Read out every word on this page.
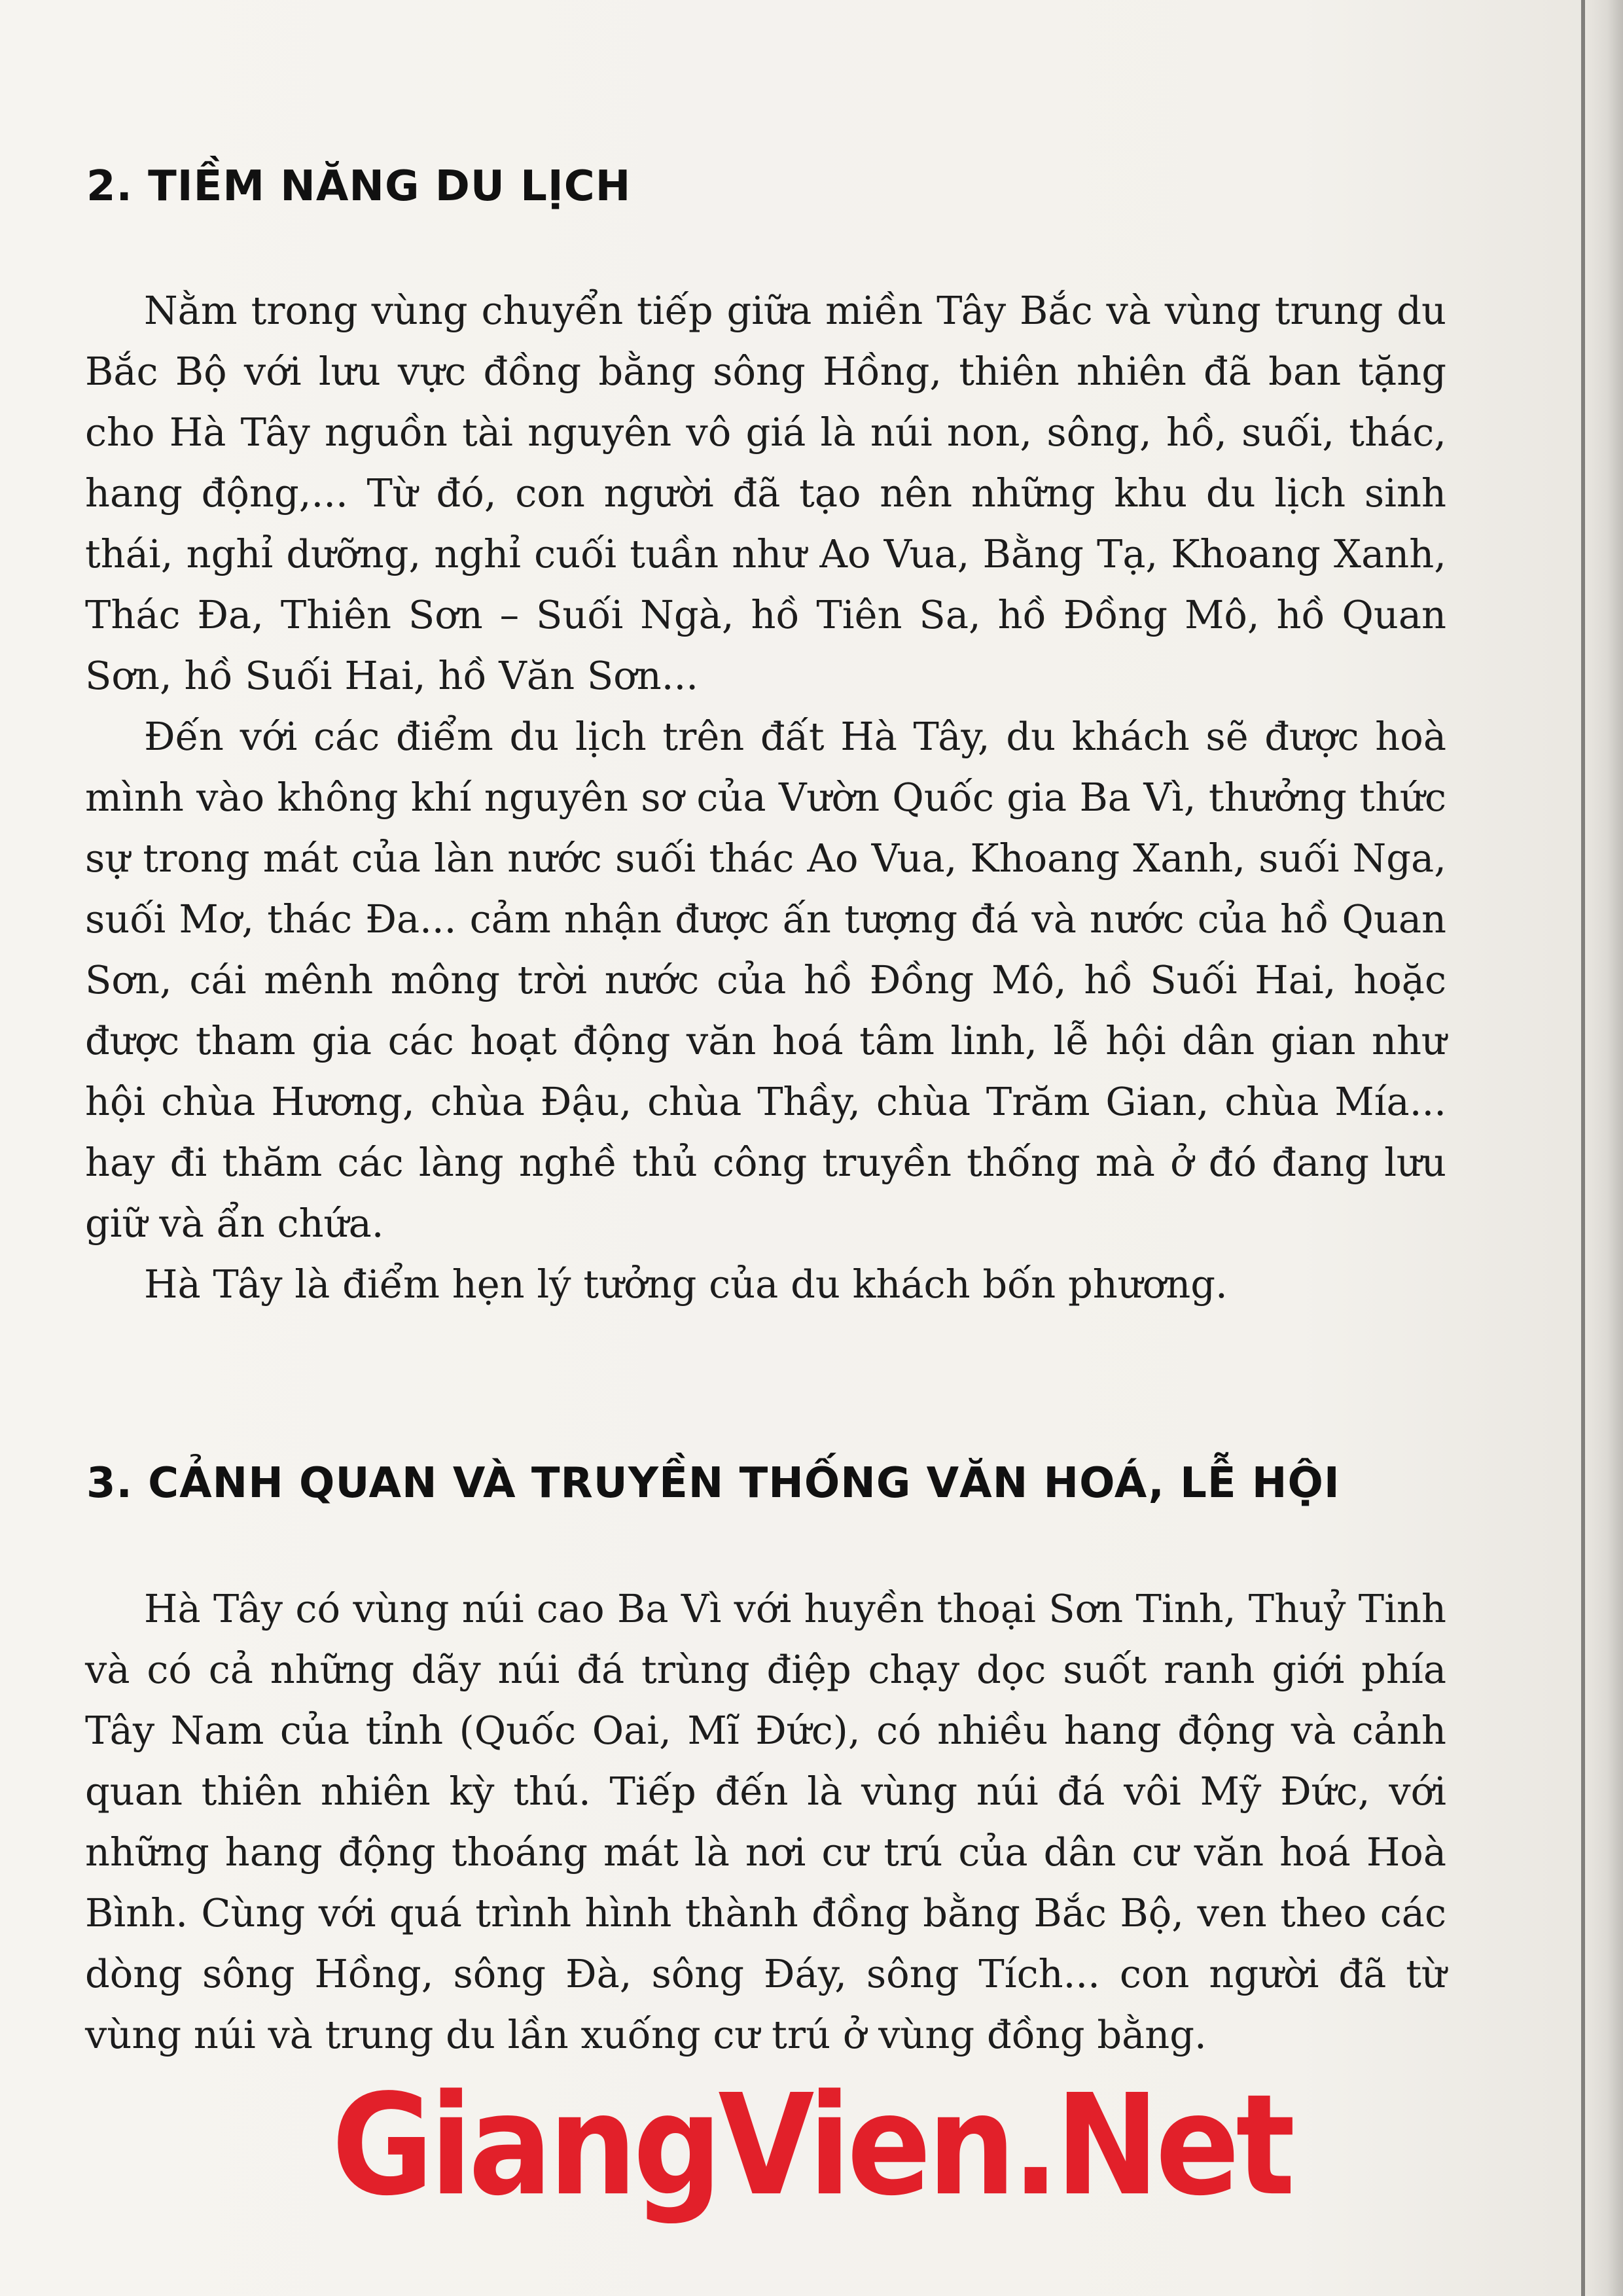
2. TIỀM NĂNG DU LỊCH

Nằm trong vùng chuyển tiếp giữa miền Tây Bắc và vùng trung du Bắc Bộ với lưu vực đồng bằng sông Hồng, thiên nhiên đã ban tặng cho Hà Tây nguồn tài nguyên vô giá là núi non, sông, hồ, suối, thác, hang động,... Từ đó, con người đã tạo nên những khu du lịch sinh thái, nghỉ dưỡng, nghỉ cuối tuần như Ao Vua, Bằng Tạ, Khoang Xanh, Thác Đa, Thiên Sơn – Suối Ngà, hồ Tiên Sa, hồ Đồng Mô, hồ Quan Sơn, hồ Suối Hai, hồ Văn Sơn...

Đến với các điểm du lịch trên đất Hà Tây, du khách sẽ được hoà mình vào không khí nguyên sơ của Vườn Quốc gia Ba Vì, thưởng thức sự trong mát của làn nước suối thác Ao Vua, Khoang Xanh, suối Nga, suối Mơ, thác Đa... cảm nhận được ấn tượng đá và nước của hồ Quan Sơn, cái mênh mông trời nước của hồ Đồng Mô, hồ Suối Hai, hoặc được tham gia các hoạt động văn hoá tâm linh, lễ hội dân gian như hội chùa Hương, chùa Đậu, chùa Thầy, chùa Trăm Gian, chùa Mía... hay đi thăm các làng nghề thủ công truyền thống mà ở đó đang lưu giữ và ẩn chứa.

Hà Tây là điểm hẹn lý tưởng của du khách bốn phương.

3. CẢNH QUAN VÀ TRUYỀN THỐNG VĂN HOÁ, LỄ HỘI

Hà Tây có vùng núi cao Ba Vì với huyền thoại Sơn Tinh, Thuỷ Tinh và có cả những dãy núi đá trùng điệp chạy dọc suốt ranh giới phía Tây Nam của tỉnh (Quốc Oai, Mĩ Đức), có nhiều hang động và cảnh quan thiên nhiên kỳ thú. Tiếp đến là vùng núi đá vôi Mỹ Đức, với những hang động thoáng mát là nơi cư trú của dân cư văn hoá Hoà Bình. Cùng với quá trình hình thành đồng bằng Bắc Bộ, ven theo các dòng sông Hồng, sông Đà, sông Đáy, sông Tích... con người đã từ vùng núi và trung du lần xuống cư trú ở vùng đồng bằng.

GiangVien.Net
